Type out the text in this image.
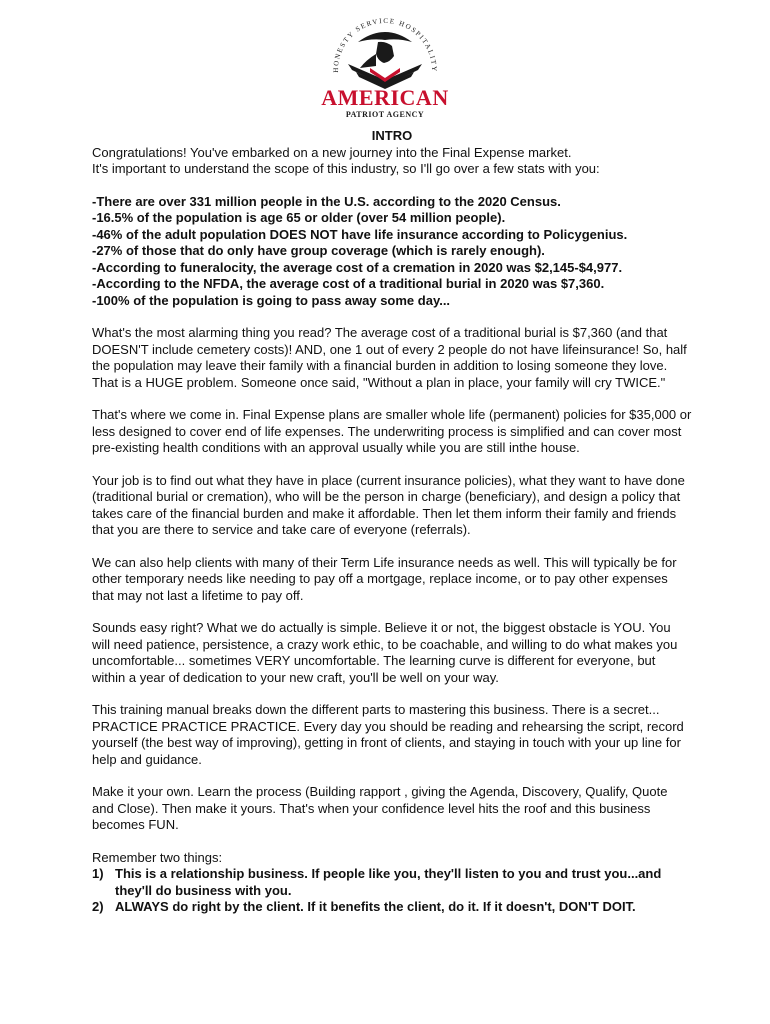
HONESTY SERVICE HOSPITALITY
AMERICAN
PATRIOT AGENCY

INTRO

Congratulations! You've embarked on a new journey into the Final Expense market.

It's important to understand the scope of this industry, so I'll go over a few stats with you:

-There are over 331 million people in the U.S. according to the 2020 Census.
-16.5% of the population is age 65 or older (over 54 million people).
-46% of the adult population DOES NOT have life insurance according to Policygenius.
-27% of those that do only have group coverage (which is rarely enough).
-According to funeralocity, the average cost of a cremation in 2020 was $2,145-$4,977.
-According to the NFDA, the average cost of a traditional burial in 2020 was $7,360.
-100% of the population is going to pass away some day...

What's the most alarming thing you read? The average cost of a traditional burial is $7,360 (and that DOESN'T include cemetery costs)! AND, one 1 out of every 2 people do not have lifeinsurance! So, half the population may leave their family with a financial burden in addition to losing someone they love. That is a HUGE problem. Someone once said, "Without a plan in place, your family will cry TWICE."

That's where we come in. Final Expense plans are smaller whole life (permanent) policies for $35,000 or less designed to cover end of life expenses. The underwriting process is simplified and can cover most pre-existing health conditions with an approval usually while you are still inthe house.

Your job is to find out what they have in place (current insurance policies), what they want to have done (traditional burial or cremation), who will be the person in charge (beneficiary), and design a policy that takes care of the financial burden and make it affordable. Then let them inform their family and friends that you are there to service and take care of everyone (referrals).

We can also help clients with many of their Term Life insurance needs as well. This will typically be for other temporary needs like needing to pay off a mortgage, replace income, or to pay other expenses that may not last a lifetime to pay off.

Sounds easy right? What we do actually is simple. Believe it or not, the biggest obstacle is YOU. You will need patience, persistence, a crazy work ethic, to be coachable, and willing to do what makes you uncomfortable... sometimes VERY uncomfortable. The learning curve is different for everyone, but within a year of dedication to your new craft, you'll be well on your way.

This training manual breaks down the different parts to mastering this business. There is a secret... PRACTICE PRACTICE PRACTICE. Every day you should be reading and rehearsing the script, record yourself (the best way of improving), getting in front of clients, and staying in touch with your up line for help and guidance.

Make it your own. Learn the process (Building rapport , giving the Agenda, Discovery, Qualify, Quote and Close). Then make it yours. That's when your confidence level hits the roof and this business becomes FUN.

Remember two things:

1) This is a relationship business. If people like you, they'll listen to you and trust you...and they'll do business with you.
2) ALWAYS do right by the client. If it benefits the client, do it. If it doesn't, DON'T DOIT.
